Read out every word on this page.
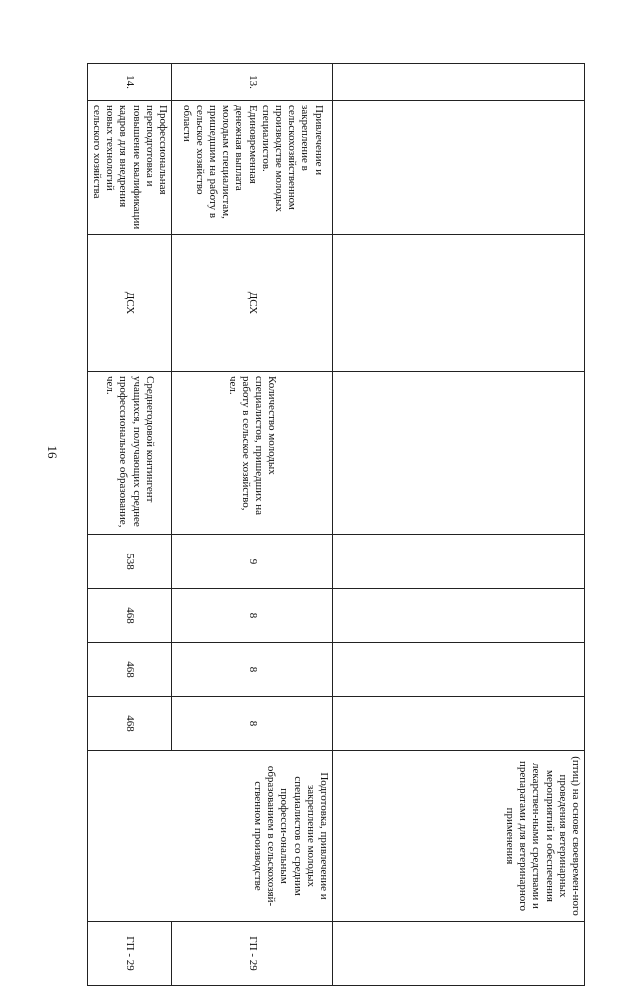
16

								(птиц) на основе своевремен-ного проведения ветеринарных мероприятий и обеспечения лекарствен-ными средствами и препаратами для ветеринарного применения	

13.	Привлечение и закрепление в сельскохозяйственном производстве молодых специалистов. Единовременная денежная выплата молодым специалистам, пришедшим на работу в сельское хозяйство области	ДСХ	Количество молодых специалистов, пришедших на работу в сельское хозяйство, чел.	9	8	8	8	Подготовка, привлечение и закрепление молодых специалистов со средним професси-ональным образованием в сельскохозяй-ственном производстве	ГП - 29
14.	Профессиональная переподготовка и повышение квалификации кадров для внедрения новых технологий сельского хозяйства	ДСХ	Среднегодовой контингент учащихся, получающих среднее профессиональное образование, чел.	538	468	468	468		ГП - 29
